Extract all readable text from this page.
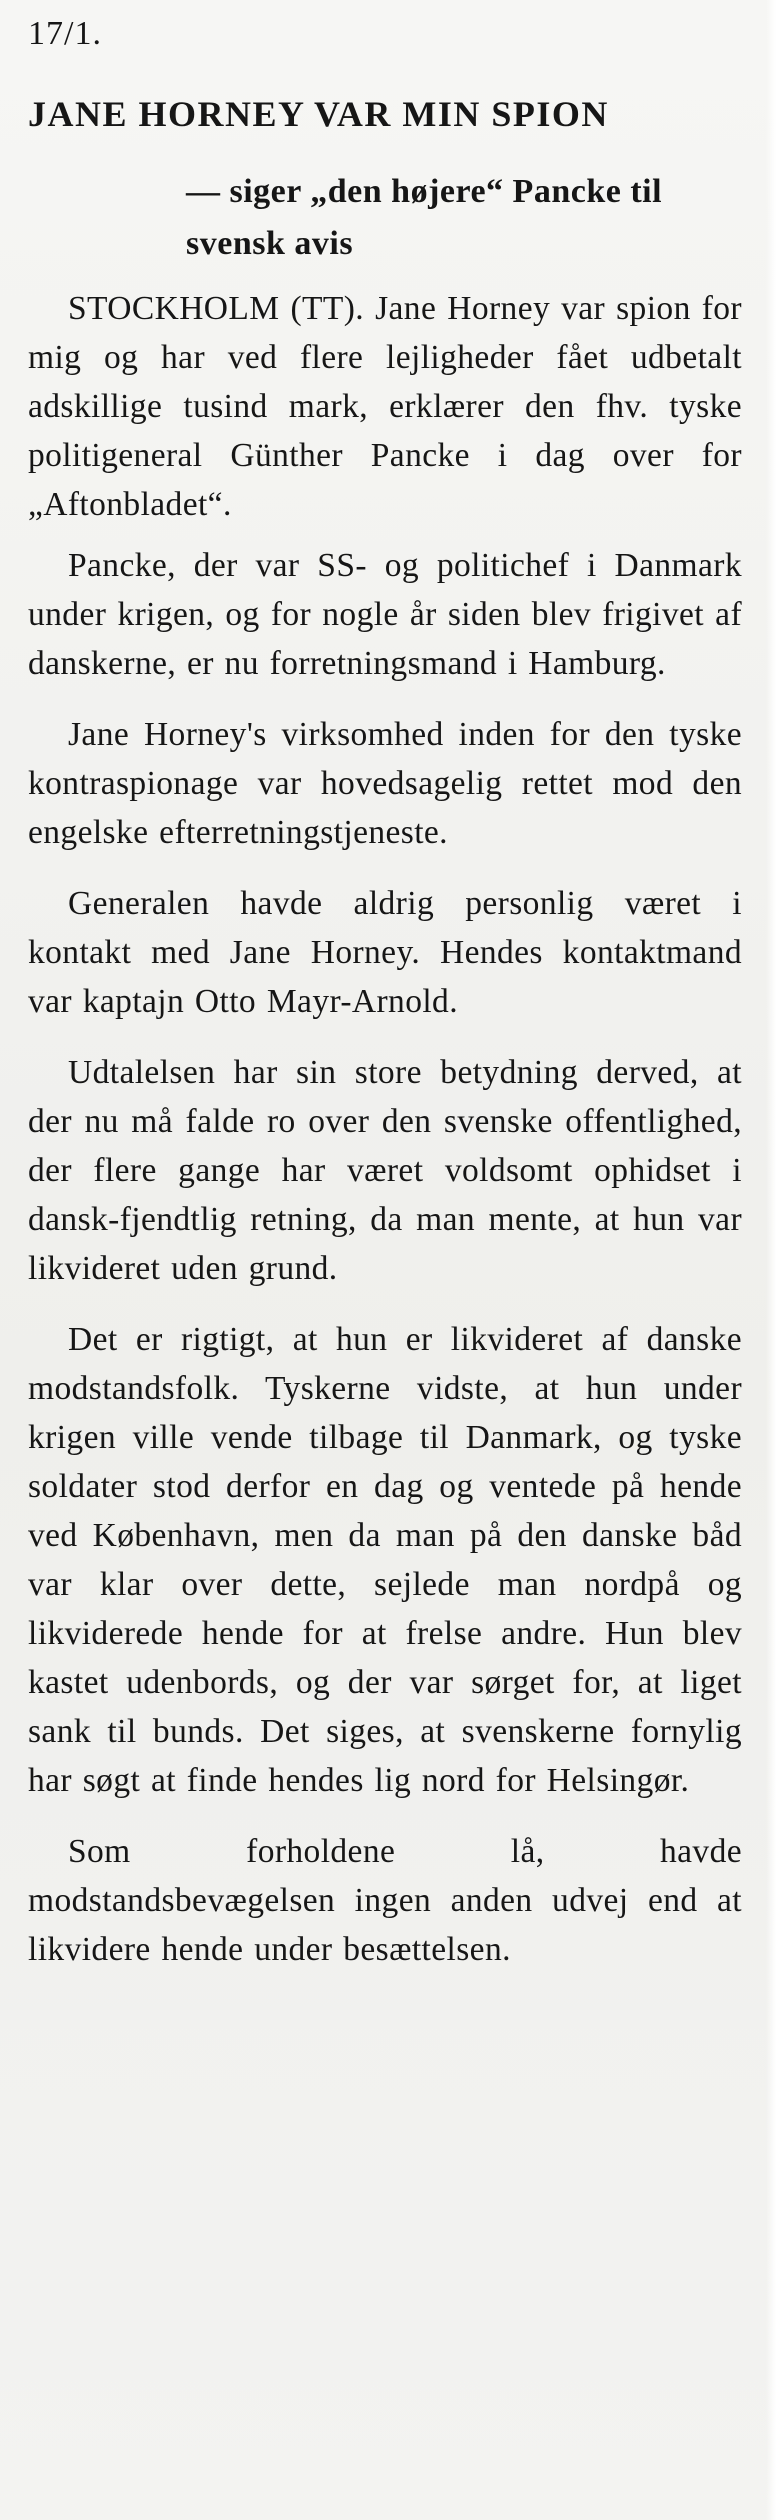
17/1.
JANE HORNEY VAR MIN SPION
— siger „den højere“ Pancke til svensk avis

STOCKHOLM (TT). Jane Horney var spion for mig og har ved flere lejligheder fået udbetalt adskillige tusind mark, erklærer den fhv. tyske politigeneral Günther Pancke i dag over for „Aftonbladet“.

Pancke, der var SS- og politichef i Danmark under krigen, og for nogle år siden blev frigivet af danskerne, er nu forretningsmand i Hamburg.

Jane Horney's virksomhed inden for den tyske kontraspionage var hovedsagelig rettet mod den engelske efterretningstjeneste.

Generalen havde aldrig personlig været i kontakt med Jane Horney. Hendes kontaktmand var kaptajn Otto Mayr-Arnold.

Udtalelsen har sin store betydning derved, at der nu må falde ro over den svenske offentlighed, der flere gange har været voldsomt ophidset i dansk-fjendtlig retning, da man mente, at hun var likvideret uden grund.

Det er rigtigt, at hun er likvideret af danske modstandsfolk. Tyskerne vidste, at hun under krigen ville vende tilbage til Danmark, og tyske soldater stod derfor en dag og ventede på hende ved København, men da man på den danske båd var klar over dette, sejlede man nordpå og likviderede hende for at frelse andre. Hun blev kastet udenbords, og der var sørget for, at liget sank til bunds. Det siges, at svenskerne fornylig har søgt at finde hendes lig nord for Helsingør.

Som forholdene lå, havde modstandsbevægelsen ingen anden udvej end at likvidere hende under besættelsen.
